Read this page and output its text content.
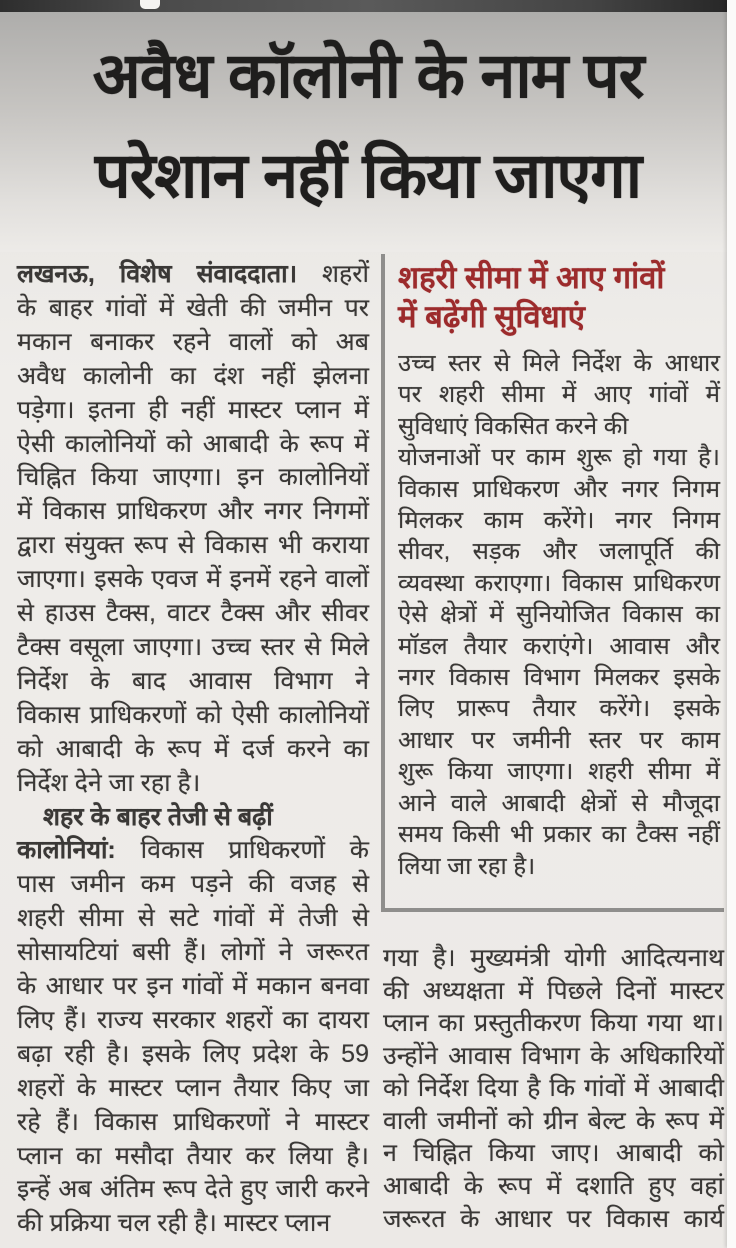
अवैध कॉलोनी के नाम पर
परेशान नहीं किया जाएगा
लखनऊ, विशेष संवाददाता। शहरों
के बाहर गांवों में खेती की जमीन पर
मकान बनाकर रहने वालों को अब
अवैध कालोनी का दंश नहीं झेलना
पड़ेगा। इतना ही नहीं मास्टर प्लान में
ऐसी कालोनियों को आबादी के रूप में
चिह्नित किया जाएगा। इन कालोनियों
में विकास प्राधिकरण और नगर निगमों
द्वारा संयुक्त रूप से विकास भी कराया
जाएगा। इसके एवज में इनमें रहने वालों
से हाउस टैक्स, वाटर टैक्स और सीवर
टैक्स वसूला जाएगा। उच्च स्तर से मिले
निर्देश के बाद आवास विभाग ने
विकास प्राधिकरणों को ऐसी कालोनियों
को आबादी के रूप में दर्ज करने का
निर्देश देने जा रहा है।
शहर के बाहर तेजी से बढ़ीं
कालोनियां: विकास प्राधिकरणों के
पास जमीन कम पड़ने की वजह से
शहरी सीमा से सटे गांवों में तेजी से
सोसायटियां बसी हैं। लोगों ने जरूरत
के आधार पर इन गांवों में मकान बनवा
लिए हैं। राज्य सरकार शहरों का दायरा
बढ़ा रही है। इसके लिए प्रदेश के 59
शहरों के मास्टर प्लान तैयार किए जा
रहे हैं। विकास प्राधिकरणों ने मास्टर
प्लान का मसौदा तैयार कर लिया है।
इन्हें अब अंतिम रूप देते हुए जारी करने
की प्रक्रिया चल रही है। मास्टर प्लान
शहरी सीमा में आए गांवों
में बढ़ेंगी सुविधाएं
उच्च स्तर से मिले निर्देश के आधार
पर शहरी सीमा में आए गांवों में
सुविधाएं विकसित करने की
योजनाओं पर काम शुरू हो गया है।
विकास प्राधिकरण और नगर निगम
मिलकर काम करेंगे। नगर निगम
सीवर, सड़क और जलापूर्ति की
व्यवस्था कराएगा। विकास प्राधिकरण
ऐसे क्षेत्रों में सुनियोजित विकास का
मॉडल तैयार कराएंगे। आवास और
नगर विकास विभाग मिलकर इसके
लिए प्रारूप तैयार करेंगे। इसके
आधार पर जमीनी स्तर पर काम
शुरू किया जाएगा। शहरी सीमा में
आने वाले आबादी क्षेत्रों से मौजूदा
समय किसी भी प्रकार का टैक्स नहीं
लिया जा रहा है।
गया है। मुख्यमंत्री योगी आदित्यनाथ
की अध्यक्षता में पिछले दिनों मास्टर
प्लान का प्रस्तुतीकरण किया गया था।
उन्होंने आवास विभाग के अधिकारियों
को निर्देश दिया है कि गांवों में आबादी
वाली जमीनों को ग्रीन बेल्ट के रूप में
न चिह्नित किया जाए। आबादी को
आबादी के रूप में दशाति हुए वहां
जरूरत के आधार पर विकास कार्य
